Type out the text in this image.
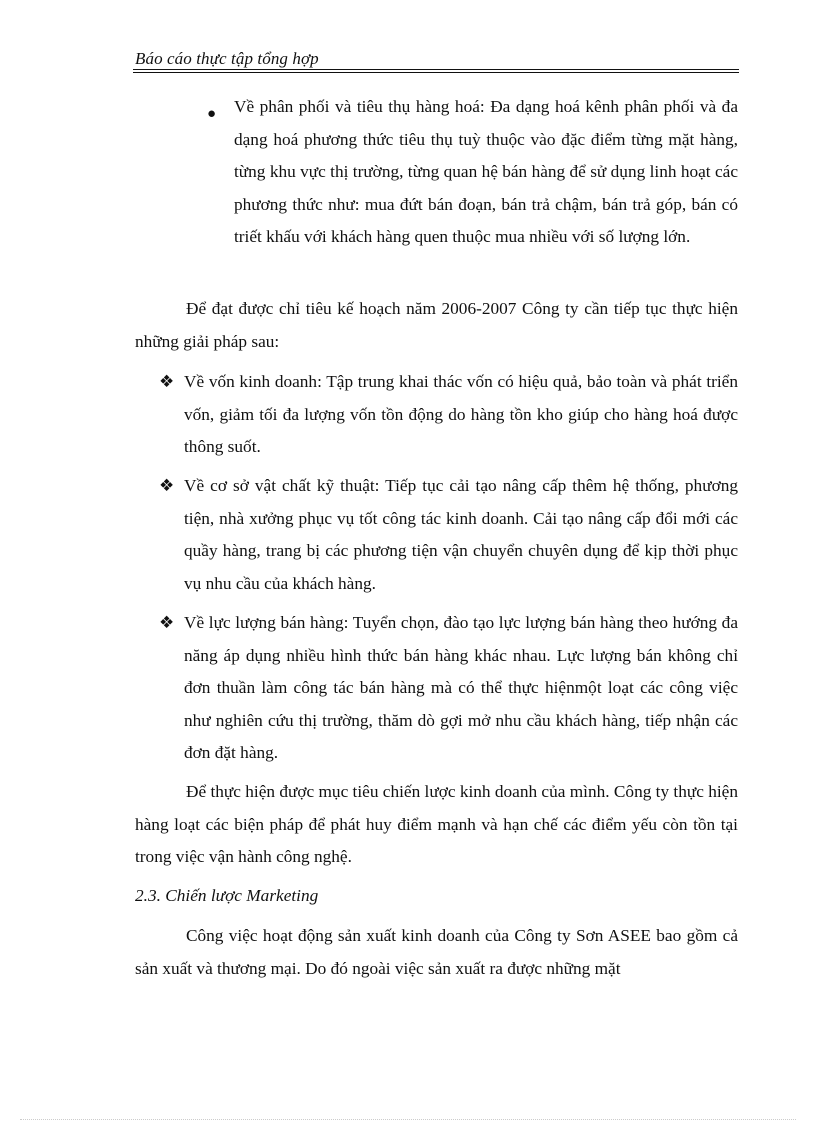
Báo cáo thực tập tổng hợp
● Về phân phối và tiêu thụ hàng hoá: Đa dạng hoá kênh phân phối và đa dạng hoá phương thức tiêu thụ tuỳ thuộc vào đặc điểm từng mặt hàng, từng khu vực thị trường, từng quan hệ bán hàng để sử dụng linh hoạt các phương thức như: mua đứt bán đoạn, bán trả chậm, bán trả góp, bán có triết khấu với khách hàng quen thuộc mua nhiều với số lượng lớn.

Để đạt được chỉ tiêu kế hoạch năm 2006-2007 Công ty cần tiếp tục thực hiện những giải pháp sau:

❖ Về vốn kinh doanh: Tập trung khai thác vốn có hiệu quả, bảo toàn và phát triển vốn, giảm tối đa lượng vốn tồn động do hàng tồn kho giúp cho hàng hoá được thông suốt.

❖ Về cơ sở vật chất kỹ thuật: Tiếp tục cải tạo nâng cấp thêm hệ thống, phương tiện, nhà xưởng phục vụ tốt công tác kinh doanh. Cải tạo nâng cấp đổi mới các quầy hàng, trang bị các phương tiện vận chuyển chuyên dụng để kịp thời phục vụ nhu cầu của khách hàng.

❖ Về lực lượng bán hàng: Tuyển chọn, đào tạo lực lượng bán hàng theo hướng đa năng áp dụng nhiều hình thức bán hàng khác nhau. Lực lượng bán không chỉ đơn thuần làm công tác bán hàng mà có thể thực hiệnmột loạt các công việc như nghiên cứu thị trường, thăm dò gợi mở nhu cầu khách hàng, tiếp nhận các đơn đặt hàng.

Để thực hiện được mục tiêu chiến lược kinh doanh của mình. Công ty thực hiện hàng loạt các biện pháp để phát huy điểm mạnh và hạn chế các điểm yếu còn tồn tại trong việc vận hành công nghệ.

2.3. Chiến lược Marketing

Công việc hoạt động sản xuất kinh doanh của Công ty Sơn ASEE bao gồm cả sản xuất và thương mại. Do đó ngoài việc sản xuất ra được những mặt
